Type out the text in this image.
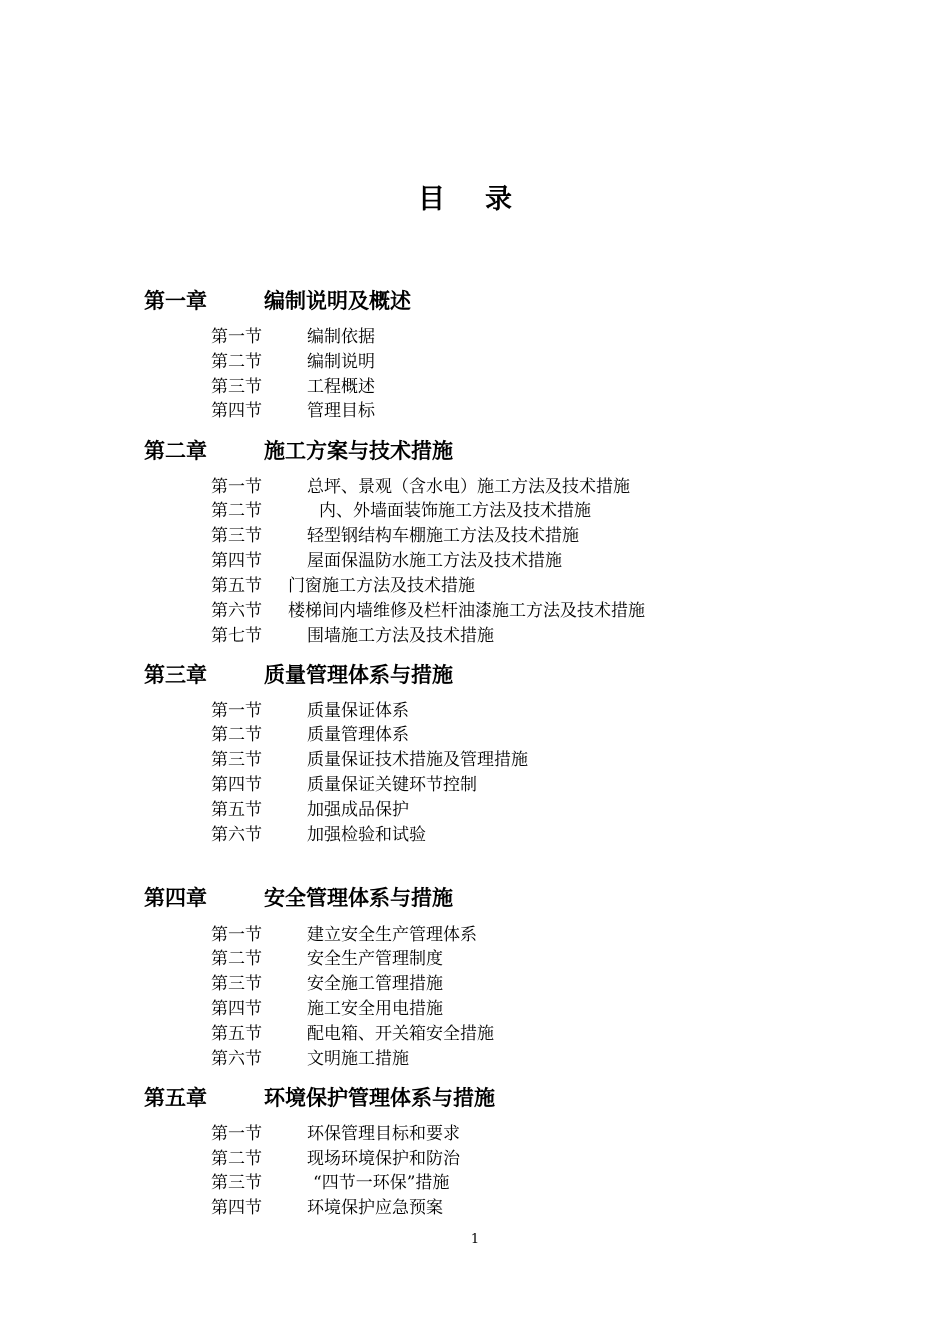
目录
第一章	编制说明及概述
第一节	编制依据
第二节	编制说明
第三节	工程概述
第四节	管理目标
第二章	施工方案与技术措施
第一节	总坪、景观（含水电）施工方法及技术措施
第二节	内、外墙面装饰施工方法及技术措施
第三节	轻型钢结构车棚施工方法及技术措施
第四节	屋面保温防水施工方法及技术措施
第五节 门窗施工方法及技术措施
第六节 楼梯间内墙维修及栏杆油漆施工方法及技术措施
第七节	围墙施工方法及技术措施
第三章	质量管理体系与措施
第一节	质量保证体系
第二节	质量管理体系
第三节	质量保证技术措施及管理措施
第四节	质量保证关键环节控制
第五节	加强成品保护
第六节	加强检验和试验
第四章	安全管理体系与措施
第一节	建立安全生产管理体系
第二节	安全生产管理制度
第三节	安全施工管理措施
第四节	施工安全用电措施
第五节	配电箱、开关箱安全措施
第六节	文明施工措施
第五章	环境保护管理体系与措施
第一节	环保管理目标和要求
第二节	现场环境保护和防治
第三节	“四节一环保”措施
第四节	环境保护应急预案
1
